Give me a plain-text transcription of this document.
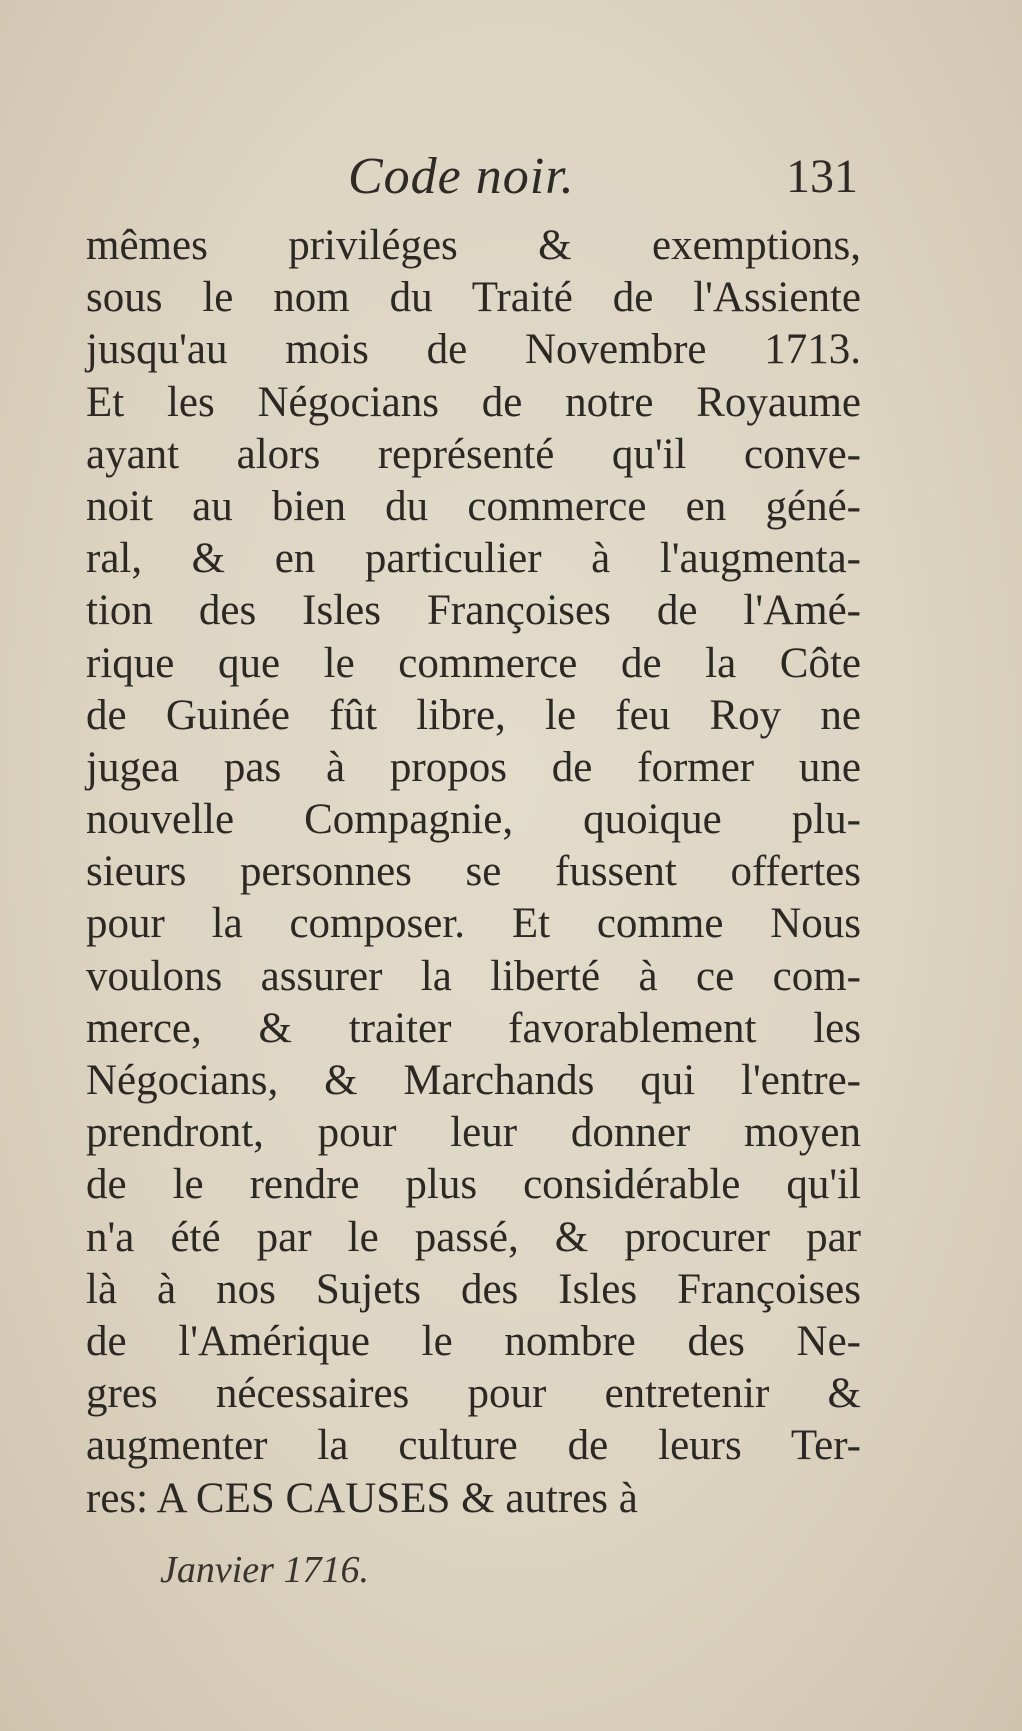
Code noir.	131
mêmes priviléges & exemptions,
sous le nom du Traité de l'Assiente
jusqu'au mois de Novembre 1713.
Et les Négocians de notre Royaume
ayant alors représenté qu'il conve-
noit au bien du commerce en géné-
ral, & en particulier à l'augmenta-
tion des Isles Françoises de l'Amé-
rique que le commerce de la Côte
de Guinée fût libre, le feu Roy ne
jugea pas à propos de former une
nouvelle Compagnie, quoique plu-
sieurs personnes se fussent offertes
pour la composer. Et comme Nous
voulons assurer la liberté à ce com-
merce, & traiter favorablement les
Négocians, & Marchands qui l'entre-
prendront, pour leur donner moyen
de le rendre plus considérable qu'il
n'a été par le passé, & procurer par
là à nos Sujets des Isles Françoises
de l'Amérique le nombre des Ne-
gres nécessaires pour entretenir &
augmenter la culture de leurs Ter-
res: A CES CAUSES & autres à
Janvier 1716.
